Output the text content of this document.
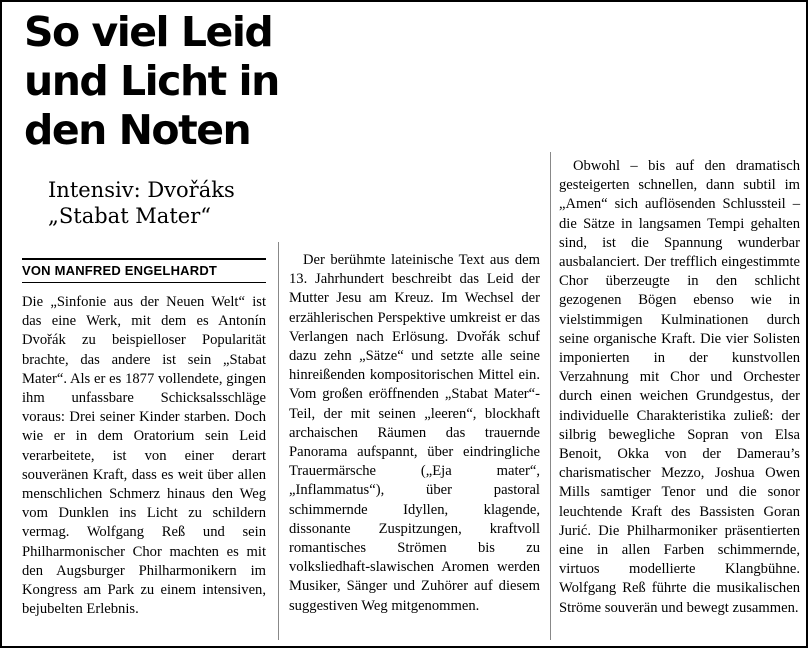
So viel Leid und Licht in den Noten
Intensiv: Dvořáks „Stabat Mater“
VON MANFRED ENGELHARDT

Die „Sinfonie aus der Neuen Welt“ ist das eine Werk, mit dem es Antonín Dvořák zu beispielloser Popularität brachte, das andere ist sein „Stabat Mater“. Als er es 1877 vollendete, gingen ihm unfassbare Schicksalsschläge voraus: Drei seiner Kinder starben. Doch wie er in dem Oratorium sein Leid verarbeitete, ist von einer derart souveränen Kraft, dass es weit über allen menschlichen Schmerz hinaus den Weg vom Dunklen ins Licht zu schildern vermag. Wolfgang Reß und sein Philharmonischer Chor machten es mit den Augsburger Philharmonikern im Kongress am Park zu einem intensiven, bejubelten Erlebnis.

Der berühmte lateinische Text aus dem 13. Jahrhundert beschreibt das Leid der Mutter Jesu am Kreuz. Im Wechsel der erzählerischen Perspektive umkreist er das Verlangen nach Erlösung. Dvořák schuf dazu zehn „Sätze“ und setzte alle seine hinreißenden kompositorischen Mittel ein. Vom großen eröffnenden „Stabat Mater“-Teil, der mit seinen „leeren“, blockhaft archaischen Räumen das trauernde Panorama aufspannt, über eindringliche Trauermärsche („Eja mater“, „Inflammatus“), über pastoral schimmernde Idyllen, klagende, dissonante Zuspitzungen, kraftvoll romantisches Strömen bis zu volksliedhaft-slawischen Aromen werden Musiker, Sänger und Zuhörer auf diesem suggestiven Weg mitgenommen.

Obwohl – bis auf den dramatisch gesteigerten schnellen, dann subtil im „Amen“ sich auflösenden Schlussteil – die Sätze in langsamen Tempi gehalten sind, ist die Spannung wunderbar ausbalanciert. Der trefflich eingestimmte Chor überzeugte in den schlicht gezogenen Bögen ebenso wie in vielstimmigen Kulminationen durch seine organische Kraft. Die vier Solisten imponierten in der kunstvollen Verzahnung mit Chor und Orchester durch einen weichen Grundgestus, der individuelle Charakteristika zuließ: der silbrig bewegliche Sopran von Elsa Benoit, Okka von der Damerau’s charismatischer Mezzo, Joshua Owen Mills samtiger Tenor und die sonor leuchtende Kraft des Bassisten Goran Jurić. Die Philharmoniker präsentierten eine in allen Farben schimmernde, virtuos modellierte Klangbühne. Wolfgang Reß führte die musikalischen Ströme souverän und bewegt zusammen.
